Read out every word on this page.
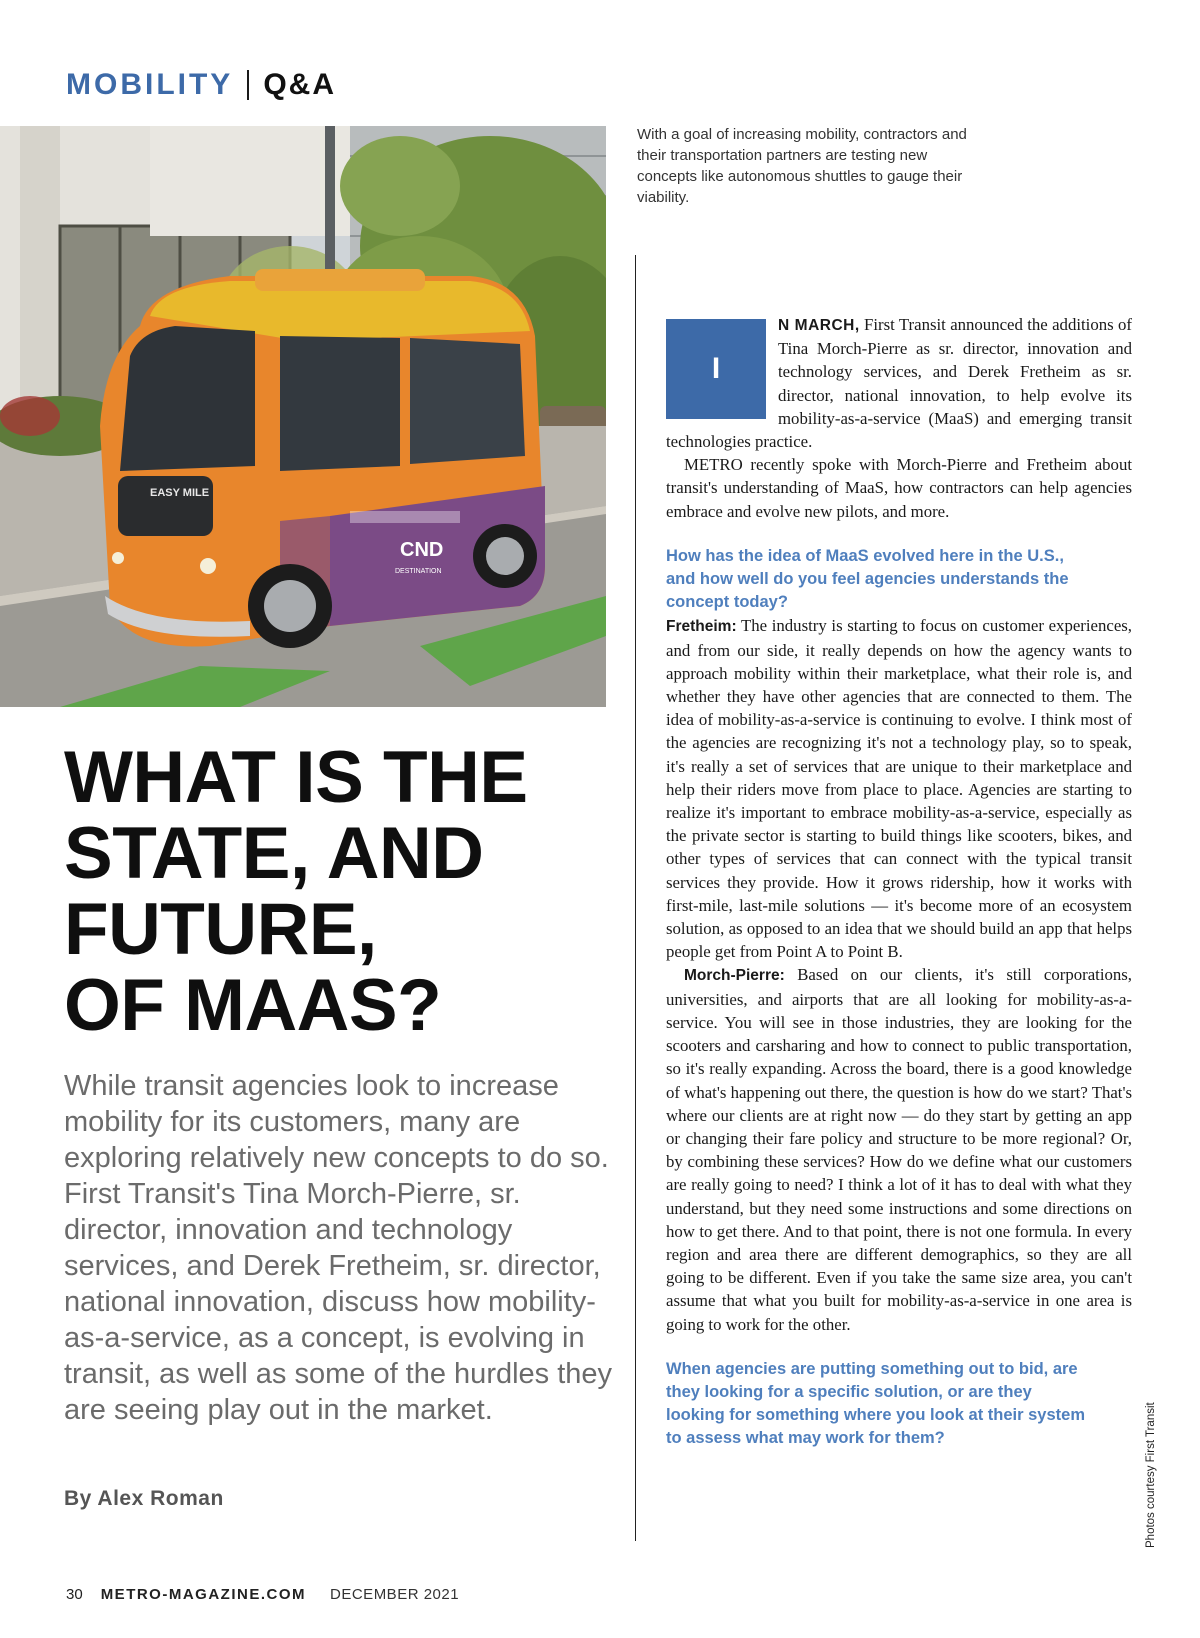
MOBILITY Q&A
EASY MILE
CND
DESTINATION
With a goal of increasing mobility, contractors and their transportation partners are testing new concepts like autonomous shuttles to gauge their viability.
WHAT IS THE
STATE, AND
FUTURE,
OF MAAS?
While transit agencies look to increase mobility for its customers, many are exploring relatively new concepts to do so. First Transit's Tina Morch-Pierre, sr. director, innovation and technology services, and Derek Fretheim, sr. director, national innovation, discuss how mobility-as-a-service, as a concept, is evolving in transit, as well as some of the hurdles they are seeing play out in the market.
By Alex Roman

I
N MARCH, First Transit announced the additions of Tina Morch-Pierre as sr. director, innovation and technology services, and Derek Fretheim as sr. director, national innovation, to help evolve its mobility-as-a-service (MaaS) and emerging transit technologies practice.

METRO recently spoke with Morch-Pierre and Fretheim about transit's understanding of MaaS, how contractors can help agencies embrace and evolve new pilots, and more.

How has the idea of MaaS evolved here in the U.S., and how well do you feel agencies understands the concept today?

Fretheim: The industry is starting to focus on customer experiences, and from our side, it really depends on how the agency wants to approach mobility within their marketplace, what their role is, and whether they have other agencies that are connected to them. The idea of mobility-as-a-service is continuing to evolve. I think most of the agencies are recognizing it's not a technology play, so to speak, it's really a set of services that are unique to their marketplace and help their riders move from place to place. Agencies are starting to realize it's important to embrace mobility-as-a-service, especially as the private sector is starting to build things like scooters, bikes, and other types of services that can connect with the typical transit services they provide. How it grows ridership, how it works with first-mile, last-mile solutions — it's become more of an ecosystem solution, as opposed to an idea that we should build an app that helps people get from Point A to Point B.

Morch-Pierre: Based on our clients, it's still corporations, universities, and airports that are all looking for mobility-as-a-service. You will see in those industries, they are looking for the scooters and carsharing and how to connect to public transportation, so it's really expanding. Across the board, there is a good knowledge of what's happening out there, the question is how do we start? That's where our clients are at right now — do they start by getting an app or changing their fare policy and structure to be more regional? Or, by combining these services? How do we define what our customers are really going to need? I think a lot of it has to deal with what they understand, but they need some instructions and some directions on how to get there. And to that point, there is not one formula. In every region and area there are different demographics, so they are all going to be different. Even if you take the same size area, you can't assume that what you built for mobility-as-a-service in one area is going to work for the other.

When agencies are putting something out to bid, are they looking for a specific solution, or are they looking for something where you look at their system to assess what may work for them?	Photos courtesy First Transit
30 METRO-MAGAZINE.COM DECEMBER 2021
